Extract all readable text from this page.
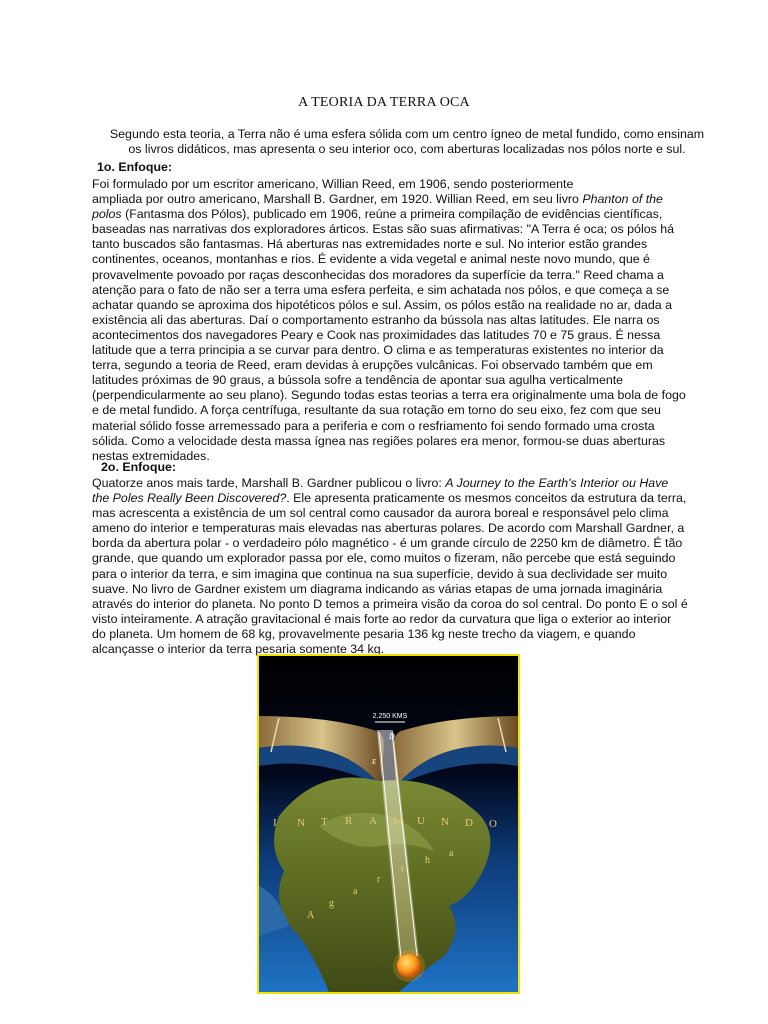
A TEORIA DA TERRA OCA
Segundo esta teoria, a Terra não é uma esfera sólida com um centro ígneo de metal fundido, como ensinam
os livros didáticos, mas apresenta o seu interior oco, com aberturas localizadas nos pólos norte e sul.
1o. Enfoque:
Foi formulado por um escritor americano, Willian Reed, em 1906, sendo posteriormente
ampliada por outro americano, Marshall B. Gardner, em 1920. Willian Reed, em seu livro Phanton of the
polos (Fantasma dos Pólos), publicado em 1906, reúne a primeira compilação de evidências científicas,
baseadas nas narrativas dos exploradores árticos. Estas são suas afirmativas: "A Terra é oca; os pólos há
tanto buscados são fantasmas. Há aberturas nas extremidades norte e sul. No interior estão grandes
continentes, oceanos, montanhas e rios. É evidente a vida vegetal e animal neste novo mundo, que é
provavelmente povoado por raças desconhecidas dos moradores da superfície da terra." Reed chama a
atenção para o fato de não ser a terra uma esfera perfeita, e sim achatada nos pólos, e que começa a se
achatar quando se aproxima dos hipotéticos pólos e sul. Assim, os pólos estão na realidade no ar, dada a
existência ali das aberturas. Daí o comportamento estranho da bússola nas altas latitudes. Ele narra os
acontecimentos dos navegadores Peary e Cook nas proximidades das latitudes 70 e 75 graus. É nessa
latitude que a terra principia a se curvar para dentro. O clima e as temperaturas existentes no interior da
terra, segundo a teoria de Reed, eram devidas à erupções vulcânicas. Foi observado também que em
latitudes próximas de 90 graus, a bússola sofre a tendência de apontar sua agulha verticalmente
(perpendicularmente ao seu plano). Segundo todas estas teorias a terra era originalmente uma bola de fogo
e de metal fundido. A força centrífuga, resultante da sua rotação em torno do seu eixo, fez com que seu
material sólido fosse arremessado para a periferia e com o resfriamento foi sendo formado uma crosta
sólida. Como a velocidade desta massa ígnea nas regiões polares era menor, formou-se duas aberturas
nestas extremidades.
2o. Enfoque:
Quatorze anos mais tarde, Marshall B. Gardner publicou o livro: A Journey to the Earth's Interior ou Have
the Poles Really Been Discovered?. Ele apresenta praticamente os mesmos conceitos da estrutura da terra,
mas acrescenta a existência de um sol central como causador da aurora boreal e responsável pelo clima
ameno do interior e temperaturas mais elevadas nas aberturas polares. De acordo com Marshall Gardner, a
borda da abertura polar - o verdadeiro pólo magnético - é um grande círculo de 2250 km de diâmetro. É tão
grande, que quando um explorador passa por ele, como muitos o fizeram, não percebe que está seguindo
para o interior da terra, e sim imagina que continua na sua superfície, devido à sua declividade ser muito
suave. No livro de Gardner existem um diagrama indicando as várias etapas de uma jornada imaginária
através do interior do planeta. No ponto D temos a primeira visão da coroa do sol central. Do ponto E o sol é
visto inteiramente. A atração gravitacional é mais forte ao redor da curvatura que liga o exterior ao interior
do planeta. Um homem de 68 kg, provavelmente pesaria 136 kg neste trecho da viagem, e quando
alcançasse o interior da terra pesaria somente 34 kg.
2.250 KMS
D
E
I N T R A M U N D O
A
g
a
r
t
h
a
